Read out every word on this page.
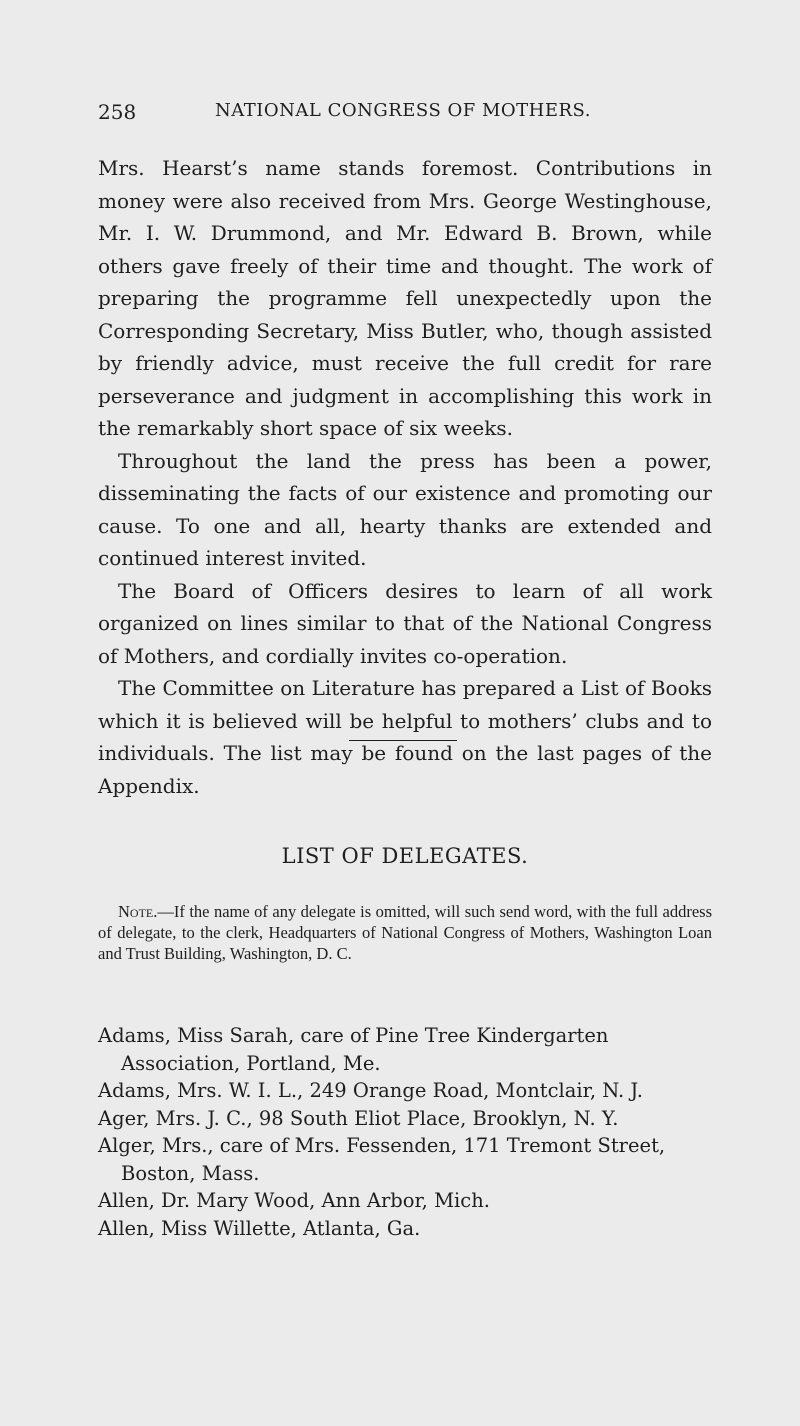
258	NATIONAL CONGRESS OF MOTHERS.

Mrs. Hearst’s name stands foremost. Contributions in money were also received from Mrs. George Westinghouse, Mr. I. W. Drummond, and Mr. Edward B. Brown, while others gave freely of their time and thought. The work of preparing the programme fell unexpectedly upon the Corresponding Secretary, Miss Butler, who, though assisted by friendly advice, must receive the full credit for rare perseverance and judgment in accomplishing this work in the remarkably short space of six weeks.

Throughout the land the press has been a power, disseminating the facts of our existence and promoting our cause. To one and all, hearty thanks are extended and continued interest invited.

The Board of Officers desires to learn of all work organized on lines similar to that of the National Congress of Mothers, and cordially invites co-operation.

The Committee on Literature has prepared a List of Books which it is believed will be helpful to mothers’ clubs and to individuals. The list may be found on the last pages of the Appendix.

LIST OF DELEGATES.

Note.—If the name of any delegate is omitted, will such send word, with the full address of delegate, to the clerk, Headquarters of National Congress of Mothers, Washington Loan and Trust Building, Washington, D. C.

Adams, Miss Sarah, care of Pine Tree Kindergarten Association, Portland, Me.

Adams, Mrs. W. I. L., 249 Orange Road, Montclair, N. J.

Ager, Mrs. J. C., 98 South Eliot Place, Brooklyn, N. Y.

Alger, Mrs., care of Mrs. Fessenden, 171 Tremont Street, Boston, Mass.

Allen, Dr. Mary Wood, Ann Arbor, Mich.

Allen, Miss Willette, Atlanta, Ga.
